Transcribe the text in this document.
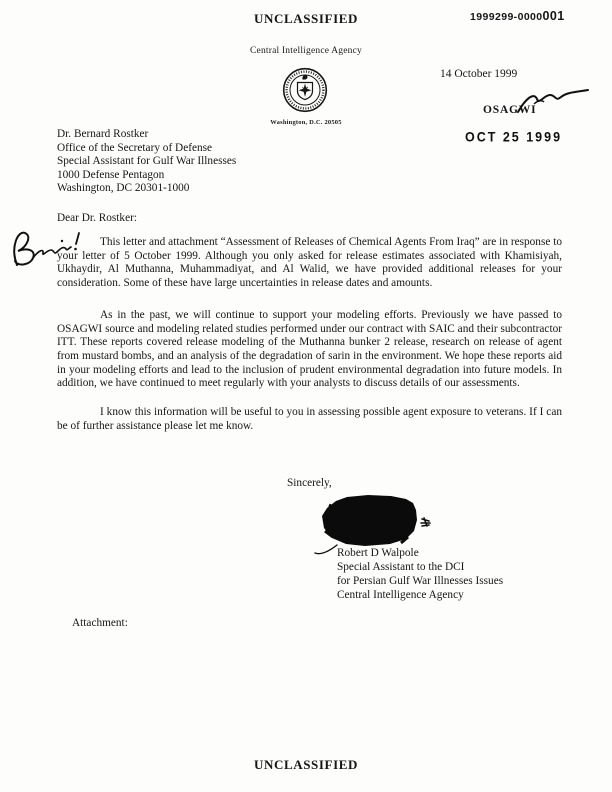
UNCLASSIFIED	1999299-0000001
Central Intelligence Agency
Washington, D.C. 20505
14 October 1999
OSAGWI
OCT 25 1999
Dr. Bernard Rostker
Office of the Secretary of Defense
Special Assistant for Gulf War Illnesses
1000 Defense Pentagon
Washington, DC 20301-1000
Dear Dr. Rostker:

This letter and attachment “Assessment of Releases of Chemical Agents From Iraq” are in response to your letter of 5 October 1999. Although you only asked for release estimates associated with Khamisiyah, Ukhaydir, Al Muthanna, Muhammadiyat, and Al Walid, we have provided additional releases for your consideration. Some of these have large uncertainties in release dates and amounts.

As in the past, we will continue to support your modeling efforts. Previously we have passed to OSAGWI source and modeling related studies performed under our contract with SAIC and their subcontractor ITT. These reports covered release modeling of the Muthanna bunker 2 release, research on release of agent from mustard bombs, and an analysis of the degradation of sarin in the environment. We hope these reports aid in your modeling efforts and lead to the inclusion of prudent environmental degradation into future models. In addition, we have continued to meet regularly with your analysts to discuss details of our assessments.

I know this information will be useful to you in assessing possible agent exposure to veterans. If I can be of further assistance please let me know.

Sincerely,
Robert D Walpole
Special Assistant to the DCI
for Persian Gulf War Illnesses Issues
Central Intelligence Agency
Attachment:
UNCLASSIFIED
